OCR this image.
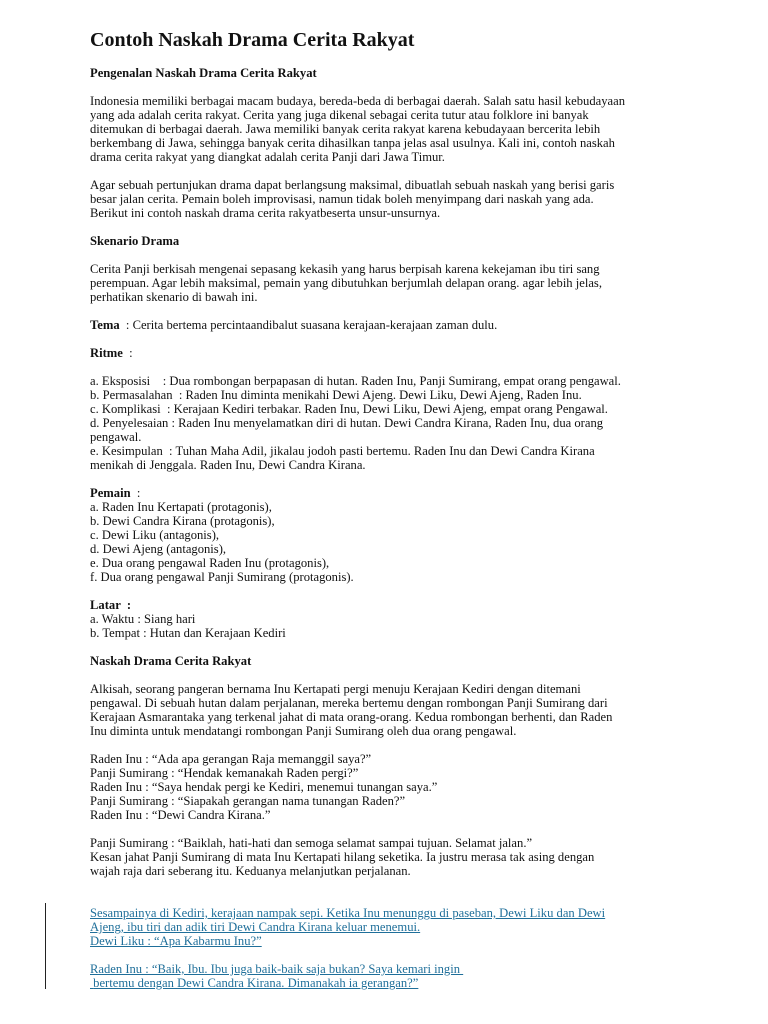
Contoh Naskah Drama Cerita Rakyat
Pengenalan Naskah Drama Cerita Rakyat
Indonesia memiliki berbagai macam budaya, bereda-beda di berbagai daerah. Salah satu hasil kebudayaan
yang ada adalah cerita rakyat. Cerita yang juga dikenal sebagai cerita tutur atau folklore ini banyak
ditemukan di berbagai daerah. Jawa memiliki banyak cerita rakyat karena kebudayaan bercerita lebih
berkembang di Jawa, sehingga banyak cerita dihasilkan tanpa jelas asal usulnya. Kali ini, contoh naskah
drama cerita rakyat yang diangkat adalah cerita Panji dari Jawa Timur.
Agar sebuah pertunjukan drama dapat berlangsung maksimal, dibuatlah sebuah naskah yang berisi garis
besar jalan cerita. Pemain boleh improvisasi, namun tidak boleh menyimpang dari naskah yang ada.
Berikut ini contoh naskah drama cerita rakyatbeserta unsur-unsurnya.
Skenario Drama
Cerita Panji berkisah mengenai sepasang kekasih yang harus berpisah karena kekejaman ibu tiri sang
perempuan. Agar lebih maksimal, pemain yang dibutuhkan berjumlah delapan orang. agar lebih jelas,
perhatikan skenario di bawah ini.
Tema  : Cerita bertema percintaandibalut suasana kerajaan-kerajaan zaman dulu.
Ritme  :
a. Eksposisi    : Dua rombongan berpapasan di hutan. Raden Inu, Panji Sumirang, empat orang pengawal.
b. Permasalahan  : Raden Inu diminta menikahi Dewi Ajeng. Dewi Liku, Dewi Ajeng, Raden Inu.
c. Komplikasi  : Kerajaan Kediri terbakar. Raden Inu, Dewi Liku, Dewi Ajeng, empat orang Pengawal.
d. Penyelesaian : Raden Inu menyelamatkan diri di hutan. Dewi Candra Kirana, Raden Inu, dua orang
pengawal.
e. Kesimpulan  : Tuhan Maha Adil, jikalau jodoh pasti bertemu. Raden Inu dan Dewi Candra Kirana
menikah di Jenggala. Raden Inu, Dewi Candra Kirana.
Pemain  :
a. Raden Inu Kertapati (protagonis),
b. Dewi Candra Kirana (protagonis),
c. Dewi Liku (antagonis),
d. Dewi Ajeng (antagonis),
e. Dua orang pengawal Raden Inu (protagonis),
f. Dua orang pengawal Panji Sumirang (protagonis).
Latar  :
a. Waktu : Siang hari
b. Tempat : Hutan dan Kerajaan Kediri
Naskah Drama Cerita Rakyat
Alkisah, seorang pangeran bernama Inu Kertapati pergi menuju Kerajaan Kediri dengan ditemani
pengawal. Di sebuah hutan dalam perjalanan, mereka bertemu dengan rombongan Panji Sumirang dari
Kerajaan Asmarantaka yang terkenal jahat di mata orang-orang. Kedua rombongan berhenti, dan Raden
Inu diminta untuk mendatangi rombongan Panji Sumirang oleh dua orang pengawal.
Raden Inu : “Ada apa gerangan Raja memanggil saya?”
Panji Sumirang : “Hendak kemanakah Raden pergi?”
Raden Inu : “Saya hendak pergi ke Kediri, menemui tunangan saya.”
Panji Sumirang : “Siapakah gerangan nama tunangan Raden?”
Raden Inu : “Dewi Candra Kirana.”
Panji Sumirang : “Baiklah, hati-hati dan semoga selamat sampai tujuan. Selamat jalan.”
Kesan jahat Panji Sumirang di mata Inu Kertapati hilang seketika. Ia justru merasa tak asing dengan
wajah raja dari seberang itu. Keduanya melanjutkan perjalanan.
Sesampainya di Kediri, kerajaan nampak sepi. Ketika Inu menunggu di paseban, Dewi Liku dan Dewi
Ajeng, ibu tiri dan adik tiri Dewi Candra Kirana keluar menemui.
Dewi Liku : “Apa Kabarmu Inu?”
Raden Inu : “Baik, Ibu. Ibu juga baik-baik saja bukan? Saya kemari ingin
bertemu dengan Dewi Candra Kirana. Dimanakah ia gerangan?”
